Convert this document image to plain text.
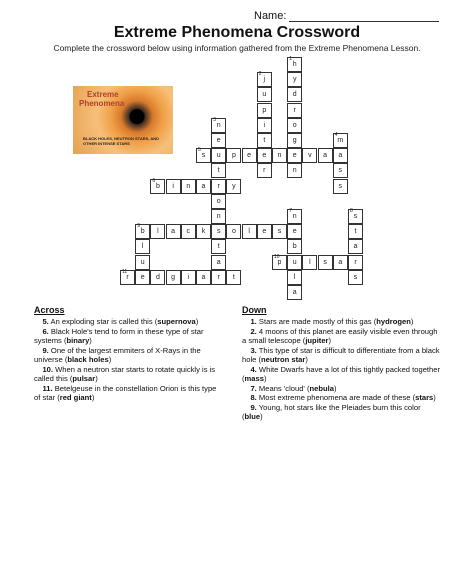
Name:
Extreme Phenomena Crossword
Complete the crossword below using information gathered from the Extreme Phenomena Lesson.
Extreme
Phenomena
BLACK HOLES, NEUTRON STARS, AND OTHER INTENSE STARS
s
5
u	p	e	e	n	e	v	a
b
6
i	n	a	r	y
b
9
l	a	c	k	s	o	l	e	s
p
10
u	l	s	a	r
r
11
e	d	g	i	a	r	t
h
1
y
d
r
o
g
n
j
2
u
p
i
t
r
n
3
e
t
o
n
t
a
m
4
a
s
s
n
7
e
b
l
a
s
8
t
a
s
l
u
Across	Down

5. An exploding star is called this (supernova)

6. Black Hole's tend to form in these type of star systems (binary)

9. One of the largest emmiters of X-Rays in the universe (black holes)

10. When a neutron star starts to rotate quickly is is called this (pulsar)

11. Betelgeuse in the constellation Orion is this type of star (red giant)

1. Stars are made mostly of this gas (hydrogen)

2. 4 moons of this planet are easily visible even through a small telescope (jupiter)

3. This type of star is difficult to differentiate from a black hole (neutron star)

4. White Dwarfs have a lot of this tightly packed together (mass)

7. Means 'cloud' (nebula)

8. Most extreme phenomena are made of these (stars)

9. Young, hot stars like the Pleiades burn this color (blue)
